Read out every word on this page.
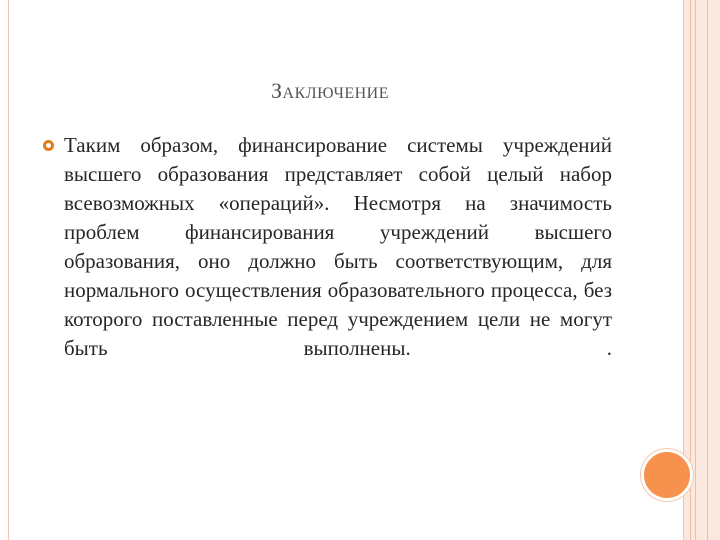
ЗАКЛЮЧЕНИЕ
Таким образом, финансирование системы учреждений высшего образования представляет собой целый набор всевозможных «операций». Несмотря на значимость проблем финансирования учреждений высшего образования, оно должно быть соответствующим, для нормального осуществления образовательного процесса, без которого поставленные перед учреждением цели не могут быть выполнены. .
